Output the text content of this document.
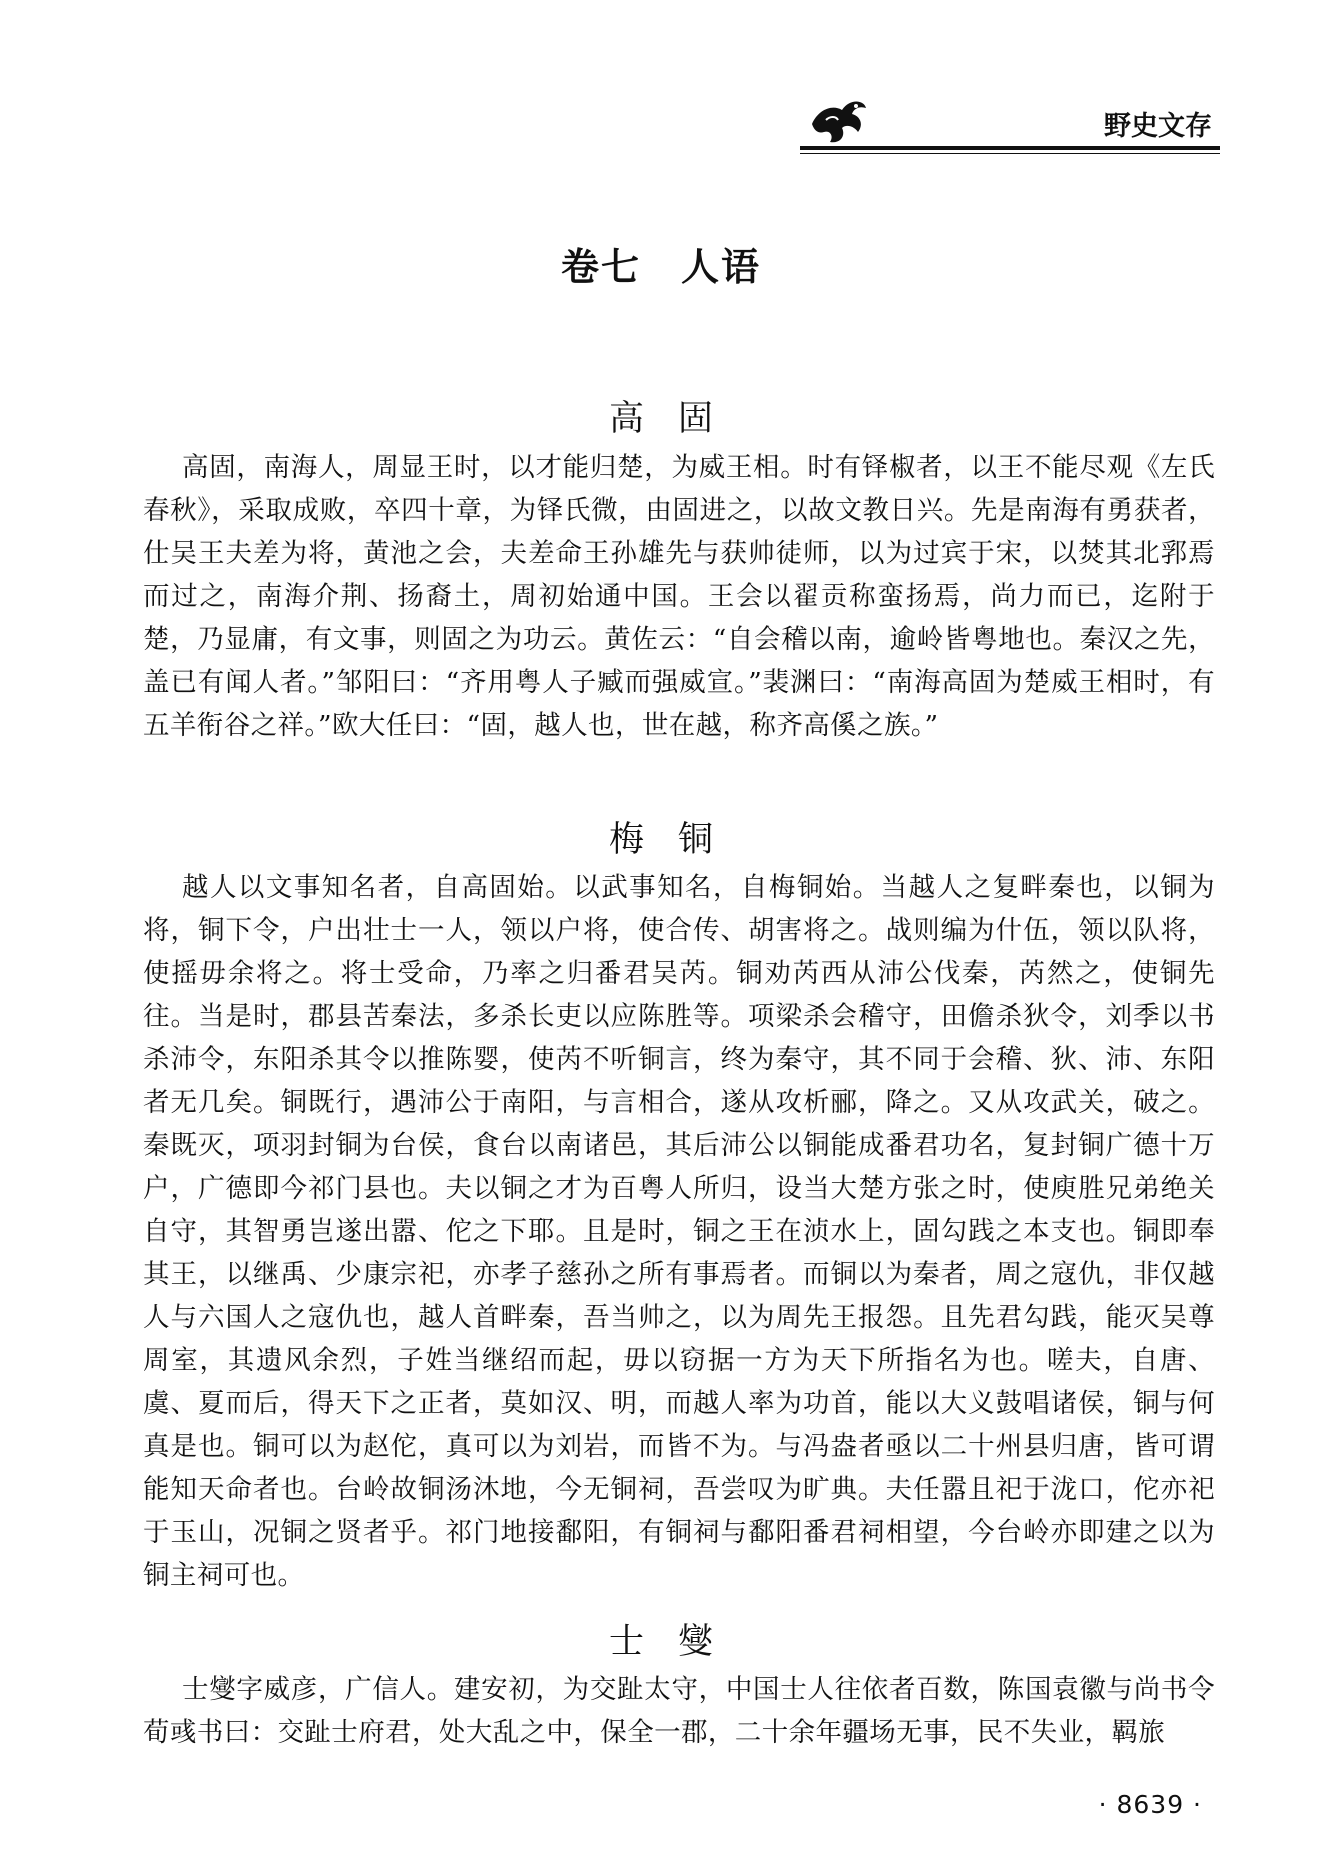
野史文存
卷七　人语
高固

高固，南海人，周显王时，以才能归楚，为威王相。时有铎椒者，以王不能尽观《左氏春秋》，采取成败，卒四十章，为铎氏微，由固进之，以故文教日兴。先是南海有勇获者，仕吴王夫差为将，黄池之会，夫差命王孙雄先与获帅徒师，以为过宾于宋，以焚其北郛焉而过之，南海介荆、扬裔土，周初始通中国。王会以翟贡称蛮扬焉，尚力而已，迄附于楚，乃显庸，有文事，则固之为功云。黄佐云：“自会稽以南，逾岭皆粤地也。秦汉之先，盖已有闻人者。”邹阳曰：“齐用粤人子臧而强威宣。”裴渊曰：“南海高固为楚威王相时，有五羊衔谷之祥。”欧大任曰：“固，越人也，世在越，称齐高傒之族。”

梅铜

越人以文事知名者，自高固始。以武事知名，自梅铜始。当越人之复畔秦也，以铜为将，铜下令，户出壮士一人，领以户将，使合传、胡害将之。战则编为什伍，领以队将，使摇毋余将之。将士受命，乃率之归番君吴芮。铜劝芮西从沛公伐秦，芮然之，使铜先往。当是时，郡县苦秦法，多杀长吏以应陈胜等。项梁杀会稽守，田儋杀狄令，刘季以书杀沛令，东阳杀其令以推陈婴，使芮不听铜言，终为秦守，其不同于会稽、狄、沛、东阳者无几矣。铜既行，遇沛公于南阳，与言相合，遂从攻析郦，降之。又从攻武关，破之。秦既灭，项羽封铜为台侯，食台以南诸邑，其后沛公以铜能成番君功名，复封铜广德十万户，广德即今祁门县也。夫以铜之才为百粤人所归，设当大楚方张之时，使庾胜兄弟绝关自守，其智勇岂遂出嚣、佗之下耶。且是时，铜之王在浈水上，固勾践之本支也。铜即奉其王，以继禹、少康宗祀，亦孝子慈孙之所有事焉者。而铜以为秦者，周之寇仇，非仅越人与六国人之寇仇也，越人首畔秦，吾当帅之，以为周先王报怨。且先君勾践，能灭吴尊周室，其遗风余烈，子姓当继绍而起，毋以窃据一方为天下所指名为也。嗟夫，自唐、虞、夏而后，得天下之正者，莫如汉、明，而越人率为功首，能以大义鼓唱诸侯，铜与何真是也。铜可以为赵佗，真可以为刘岩，而皆不为。与冯盎者亟以二十州县归唐，皆可谓能知天命者也。台岭故铜汤沐地，今无铜祠，吾尝叹为旷典。夫任嚣且祀于泷口，佗亦祀于玉山，况铜之贤者乎。祁门地接鄱阳，有铜祠与鄱阳番君祠相望，今台岭亦即建之以为铜主祠可也。

士燮

士燮字威彦，广信人。建安初，为交趾太守，中国士人往依者百数，陈国袁徽与尚书令荀彧书曰：交趾士府君，处大乱之中，保全一郡，二十余年疆场无事，民不失业，羁旅

· 8639 ·
